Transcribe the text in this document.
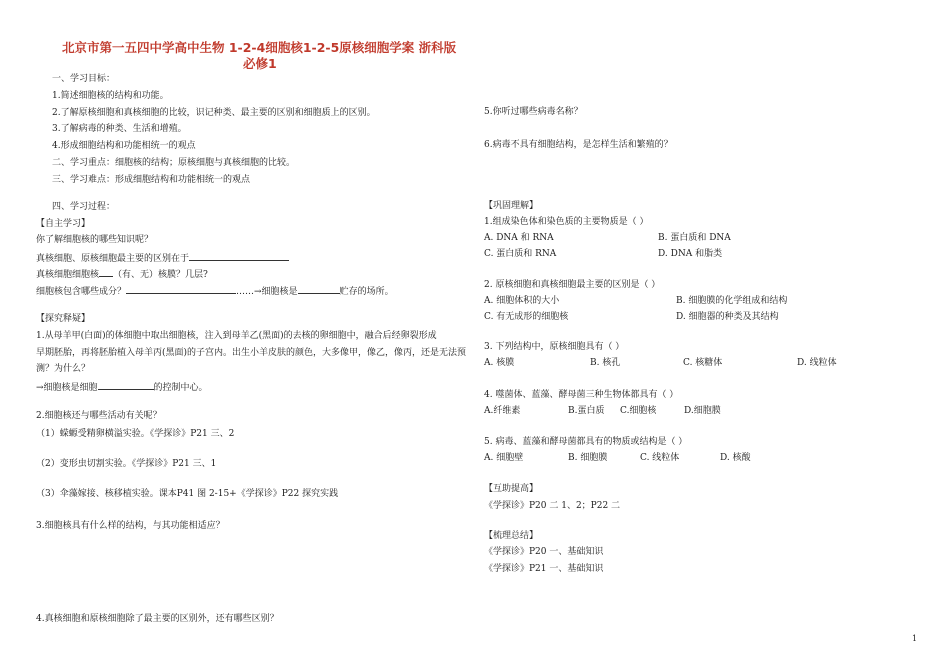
北京市第一五四中学高中生物 1-2-4细胞核1-2-5原核细胞学案 浙科版
必修1
一、学习目标：
1.简述细胞核的结构和功能。
2.了解原核细胞和真核细胞的比较，识记种类、最主要的区别和细胞质上的区别。
3.了解病毒的种类、生活和增殖。
4.形成细胞结构和功能相统一的观点
二、学习重点：细胞核的结构；原核细胞与真核细胞的比较。
三、学习难点：形成细胞结构和功能相统一的观点
四、学习过程：
【自主学习】
你了解细胞核的哪些知识呢？
真核细胞、原核细胞最主要的区别在于
真核细胞细胞核 （有、无）核膜？几层?
细胞核包含哪些成分？	……→细胞核是	贮存的场所。
【探究释疑】
1.从母羊甲(白面)的体细胞中取出细胞核，注入到母羊乙(黑面)的去核的卵细胞中，融合后经卵裂形成
早期胚胎，再将胚胎植入母羊丙(黑面)的子宫内。出生小羊皮肤的颜色，大多像甲，像乙，像丙，还是无法预
测？为什么？
→细胞核是细胞	的控制中心。
2.细胞核还与哪些活动有关呢？
（1）蝾螈受精卵横溢实验。《学探诊》P21 三、2
（2）变形虫切割实验。《学探诊》P21 三、1
（3）伞藻嫁接、核移植实验。课本P41 图 2-15+《学探诊》P22 探究实践
3.细胞核具有什么样的结构，与其功能相适应？
4.真核细胞和原核细胞除了最主要的区别外，还有哪些区别？
5.你听过哪些病毒名称？
6.病毒不具有细胞结构，是怎样生活和繁殖的？
【巩固理解】
1.组成染色体和染色质的主要物质是（ ）
A. DNA 和 RNA	B. 蛋白质和 DNA
C. 蛋白质和 RNA	D. DNA 和脂类
2. 原核细胞和真核细胞最主要的区别是（ ）
A. 细胞体积的大小	B. 细胞膜的化学组成和结构
C. 有无成形的细胞核	D. 细胞器的种类及其结构
3. 下列结构中，原核细胞具有（ ）
A. 核膜	B. 核孔	C. 核糖体	D. 线粒体
4. 噬菌体、蓝藻、酵母菌三种生物体都具有（ ）
A.纤维素	B.蛋白质 C.细胞核	D.细胞膜
5. 病毒、蓝藻和酵母菌都具有的物质或结构是（ ）
A. 细胞壁	B. 细胞膜	C. 线粒体	D. 核酸
【互助提高】
《学探诊》P20 二 1、2；P22 二
【梳理总结】
《学探诊》P20 一、基础知识
《学探诊》P21 一、基础知识
1
